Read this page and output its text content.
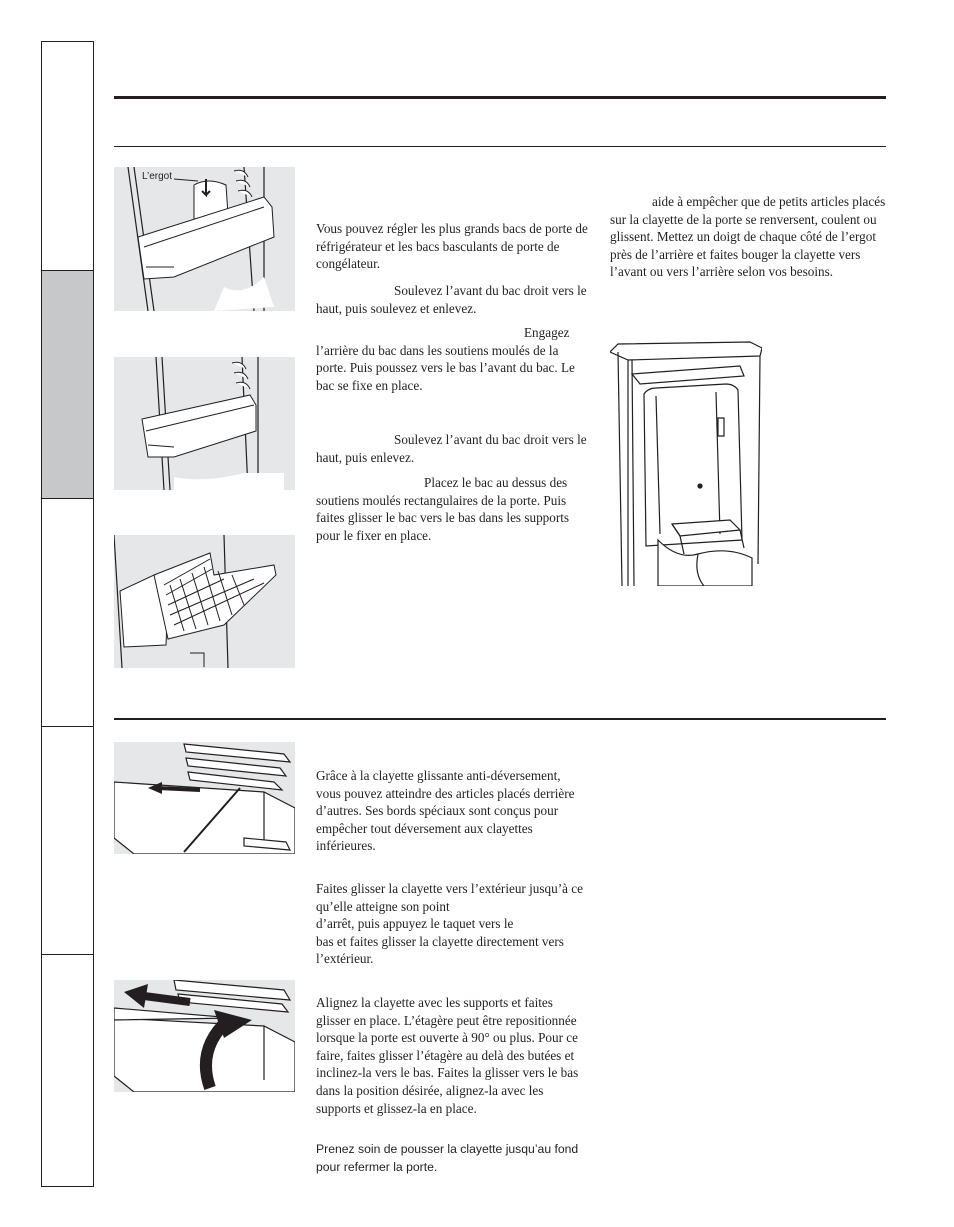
L’ergot

Vous pouvez régler les plus grands bacs de porte de réfrigérateur et les bacs basculants de porte de congélateur.

Soulevez l’avant du bac droit vers le haut, puis soulevez et enlevez.

Engagez l’arrière du bac dans les soutiens moulés de la porte. Puis poussez vers le bas l’avant du bac. Le bac se fixe en place.

Soulevez l’avant du bac droit vers le haut, puis enlevez.

Placez le bac au dessus des soutiens moulés rectangulaires de la porte. Puis faites glisser le bac vers le bas dans les supports pour le fixer en place.

aide à empêcher que de petits articles placés sur la clayette de la porte se renversent, coulent ou glissent. Mettez un doigt de chaque côté de l’ergot près de l’arrière et faites bouger la clayette vers l’avant ou vers l’arrière selon vos besoins.

Grâce à la clayette glissante anti-déversement, vous pouvez atteindre des articles placés derrière d’autres. Ses bords spéciaux sont conçus pour empêcher tout déversement aux clayettes inférieures.

Faites glisser la clayette vers l’extérieur jusqu’à ce qu’elle atteigne son point

d’arrêt, puis appuyez le taquet vers le

bas et faites glisser la clayette directement vers l’extérieur.

Alignez la clayette avec les supports et faites glisser en place. L’étagère peut être repositionnée lorsque la porte est ouverte à 90° ou plus. Pour ce faire, faites glisser l’étagère au delà des butées et inclinez-la vers le bas. Faites la glisser vers le bas dans la position désirée, alignez-la avec les supports et glissez-la en place.

Prenez soin de pousser la clayette jusqu’au fond pour refermer la porte.
